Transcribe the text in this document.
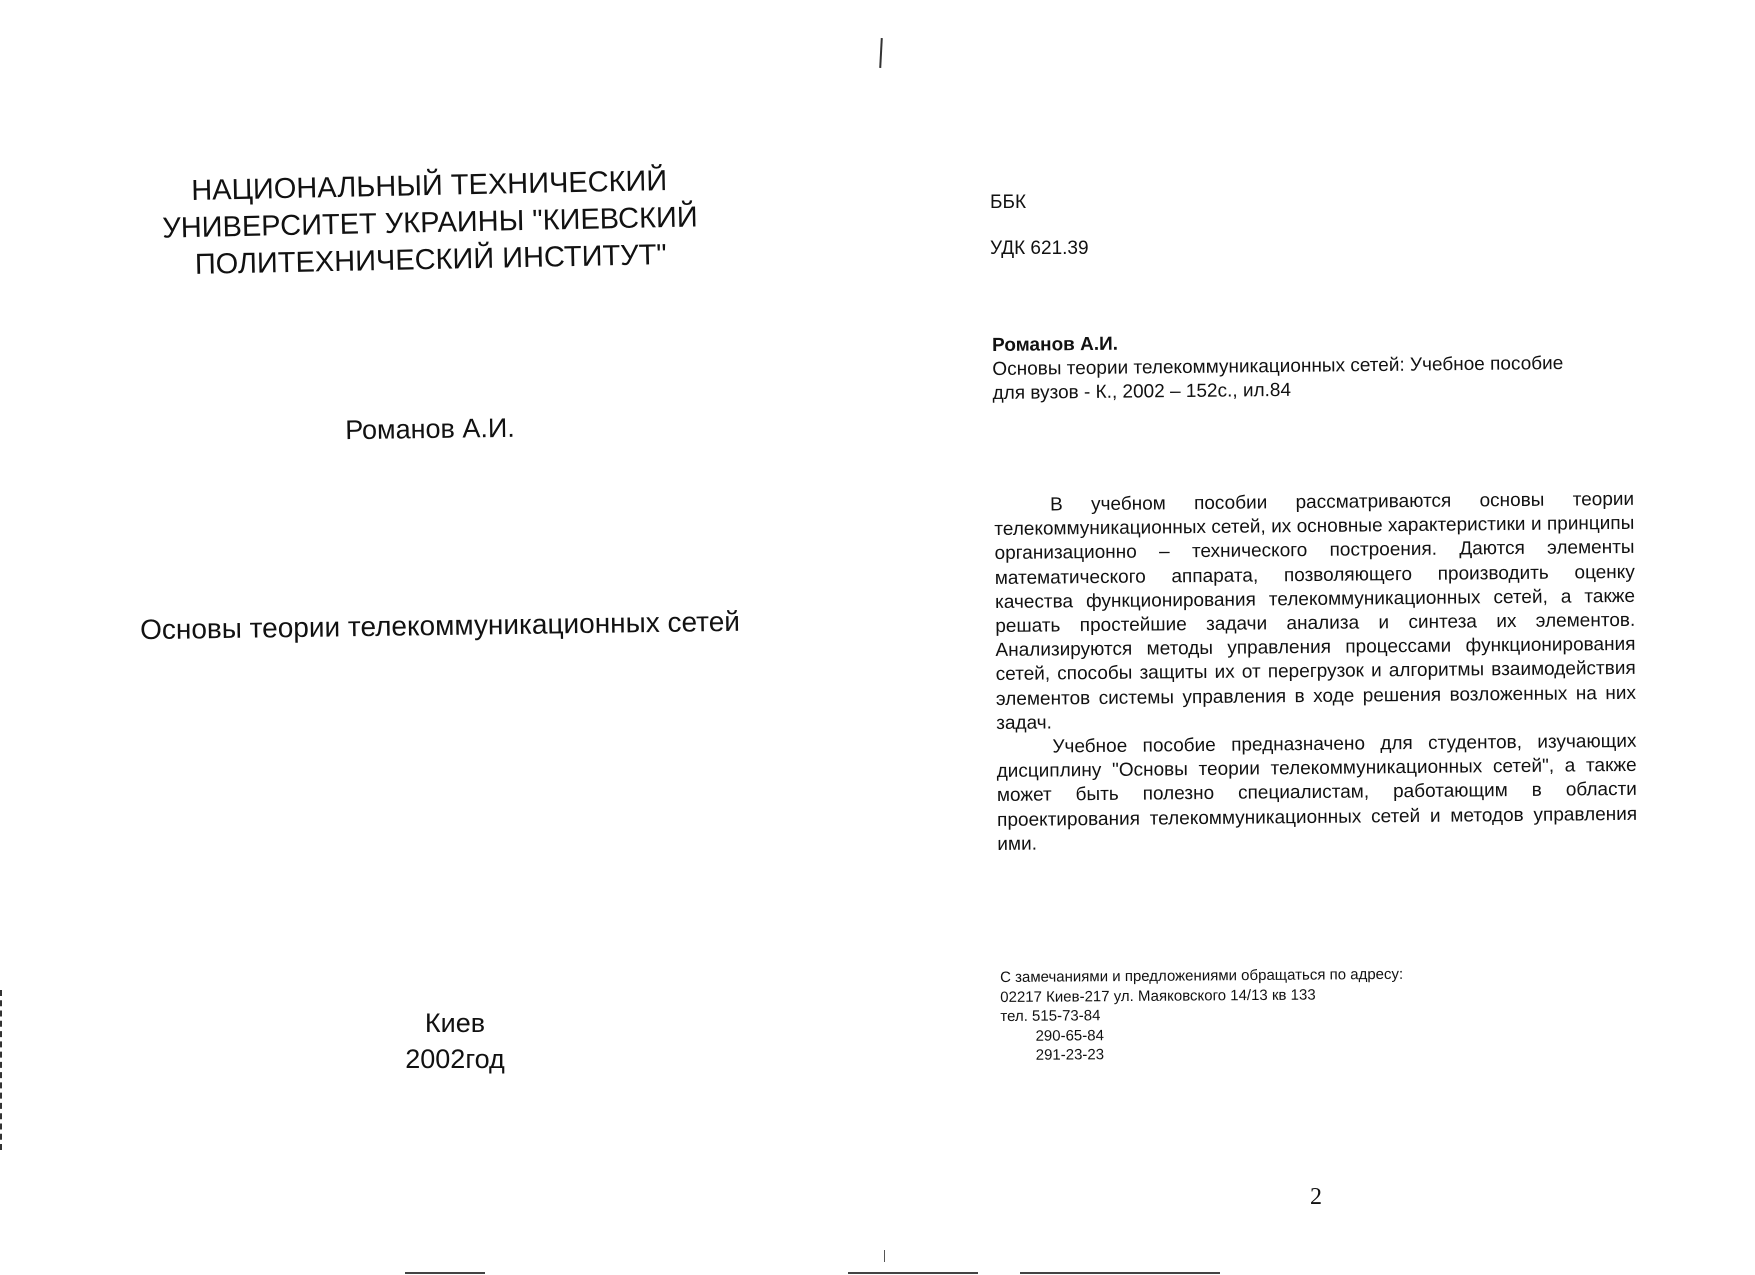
НАЦИОНАЛЬНЫЙ ТЕХНИЧЕСКИЙ
УНИВЕРСИТЕТ УКРАИНЫ "КИЕВСКИЙ
ПОЛИТЕХНИЧЕСКИЙ ИНСТИТУТ"
Романов А.И.
Основы теории телекоммуникационных сетей
Киев
2002год
ББК
УДК 621.39
Романов А.И.
Основы теории телекоммуникационных сетей: Учебное пособие
для вузов - К., 2002 – 152с., ил.84

В учебном пособии рассматриваются основы теории телекоммуникационных сетей, их основные характеристики и принципы организационно – технического построения. Даются элементы математического аппарата, позволяющего производить оценку качества функционирования телекоммуникационных сетей, а также решать простейшие задачи анализа и синтеза их элементов. Анализируются методы управления процессами функционирования сетей, способы защиты их от перегрузок и алгоритмы взаимодействия элементов системы управления в ходе решения возложенных на них задач.

Учебное пособие предназначено для студентов, изучающих дисциплину "Основы теории телекоммуникационных сетей", а также может быть полезно специалистам, работающим в области проектирования телекоммуникационных сетей и методов управления ими.

С замечаниями и предложениями обращаться по адресу:
02217 Киев-217 ул. Маяковского 14/13 кв 133
тел. 515-73-84
290-65-84
291-23-23
2
